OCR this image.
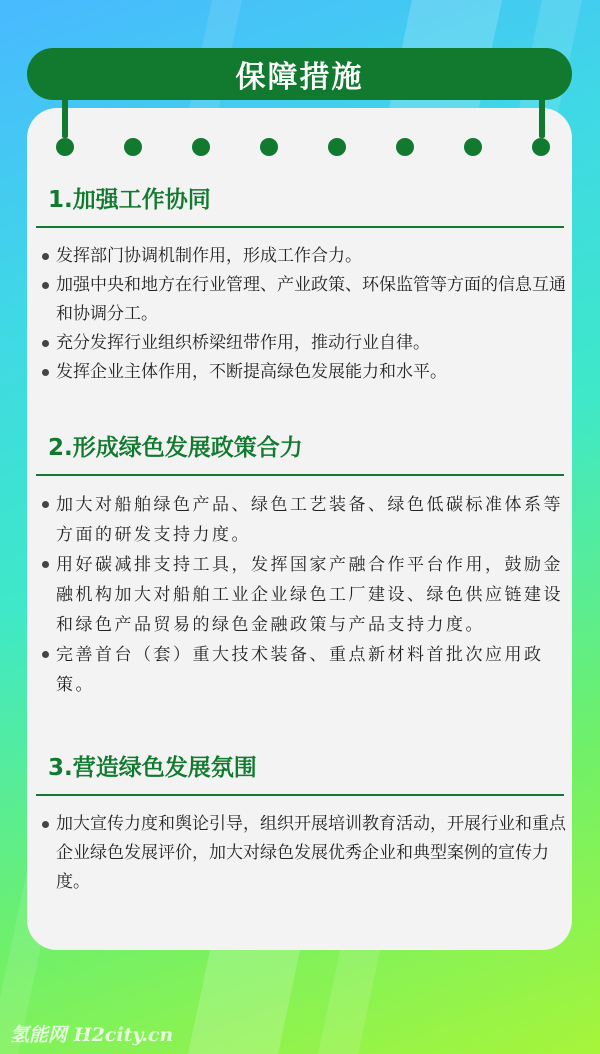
保障措施
1.加强工作协同
发挥部门协调机制作用，形成工作合力。
加强中央和地方在行业管理、产业政策、环保监管等方面的信息互通和协调分工。
充分发挥行业组织桥梁纽带作用，推动行业自律。
发挥企业主体作用，不断提高绿色发展能力和水平。
2.形成绿色发展政策合力
加大对船舶绿色产品、绿色工艺装备、绿色低碳标准体系等方面的研发支持力度。
用好碳减排支持工具，发挥国家产融合作平台作用，鼓励金融机构加大对船舶工业企业绿色工厂建设、绿色供应链建设和绿色产品贸易的绿色金融政策与产品支持力度。
完善首台（套）重大技术装备、重点新材料首批次应用政策。
3.营造绿色发展氛围
加大宣传力度和舆论引导，组织开展培训教育活动，开展行业和重点企业绿色发展评价，加大对绿色发展优秀企业和典型案例的宣传力度。
氢能网 H2city.cn
